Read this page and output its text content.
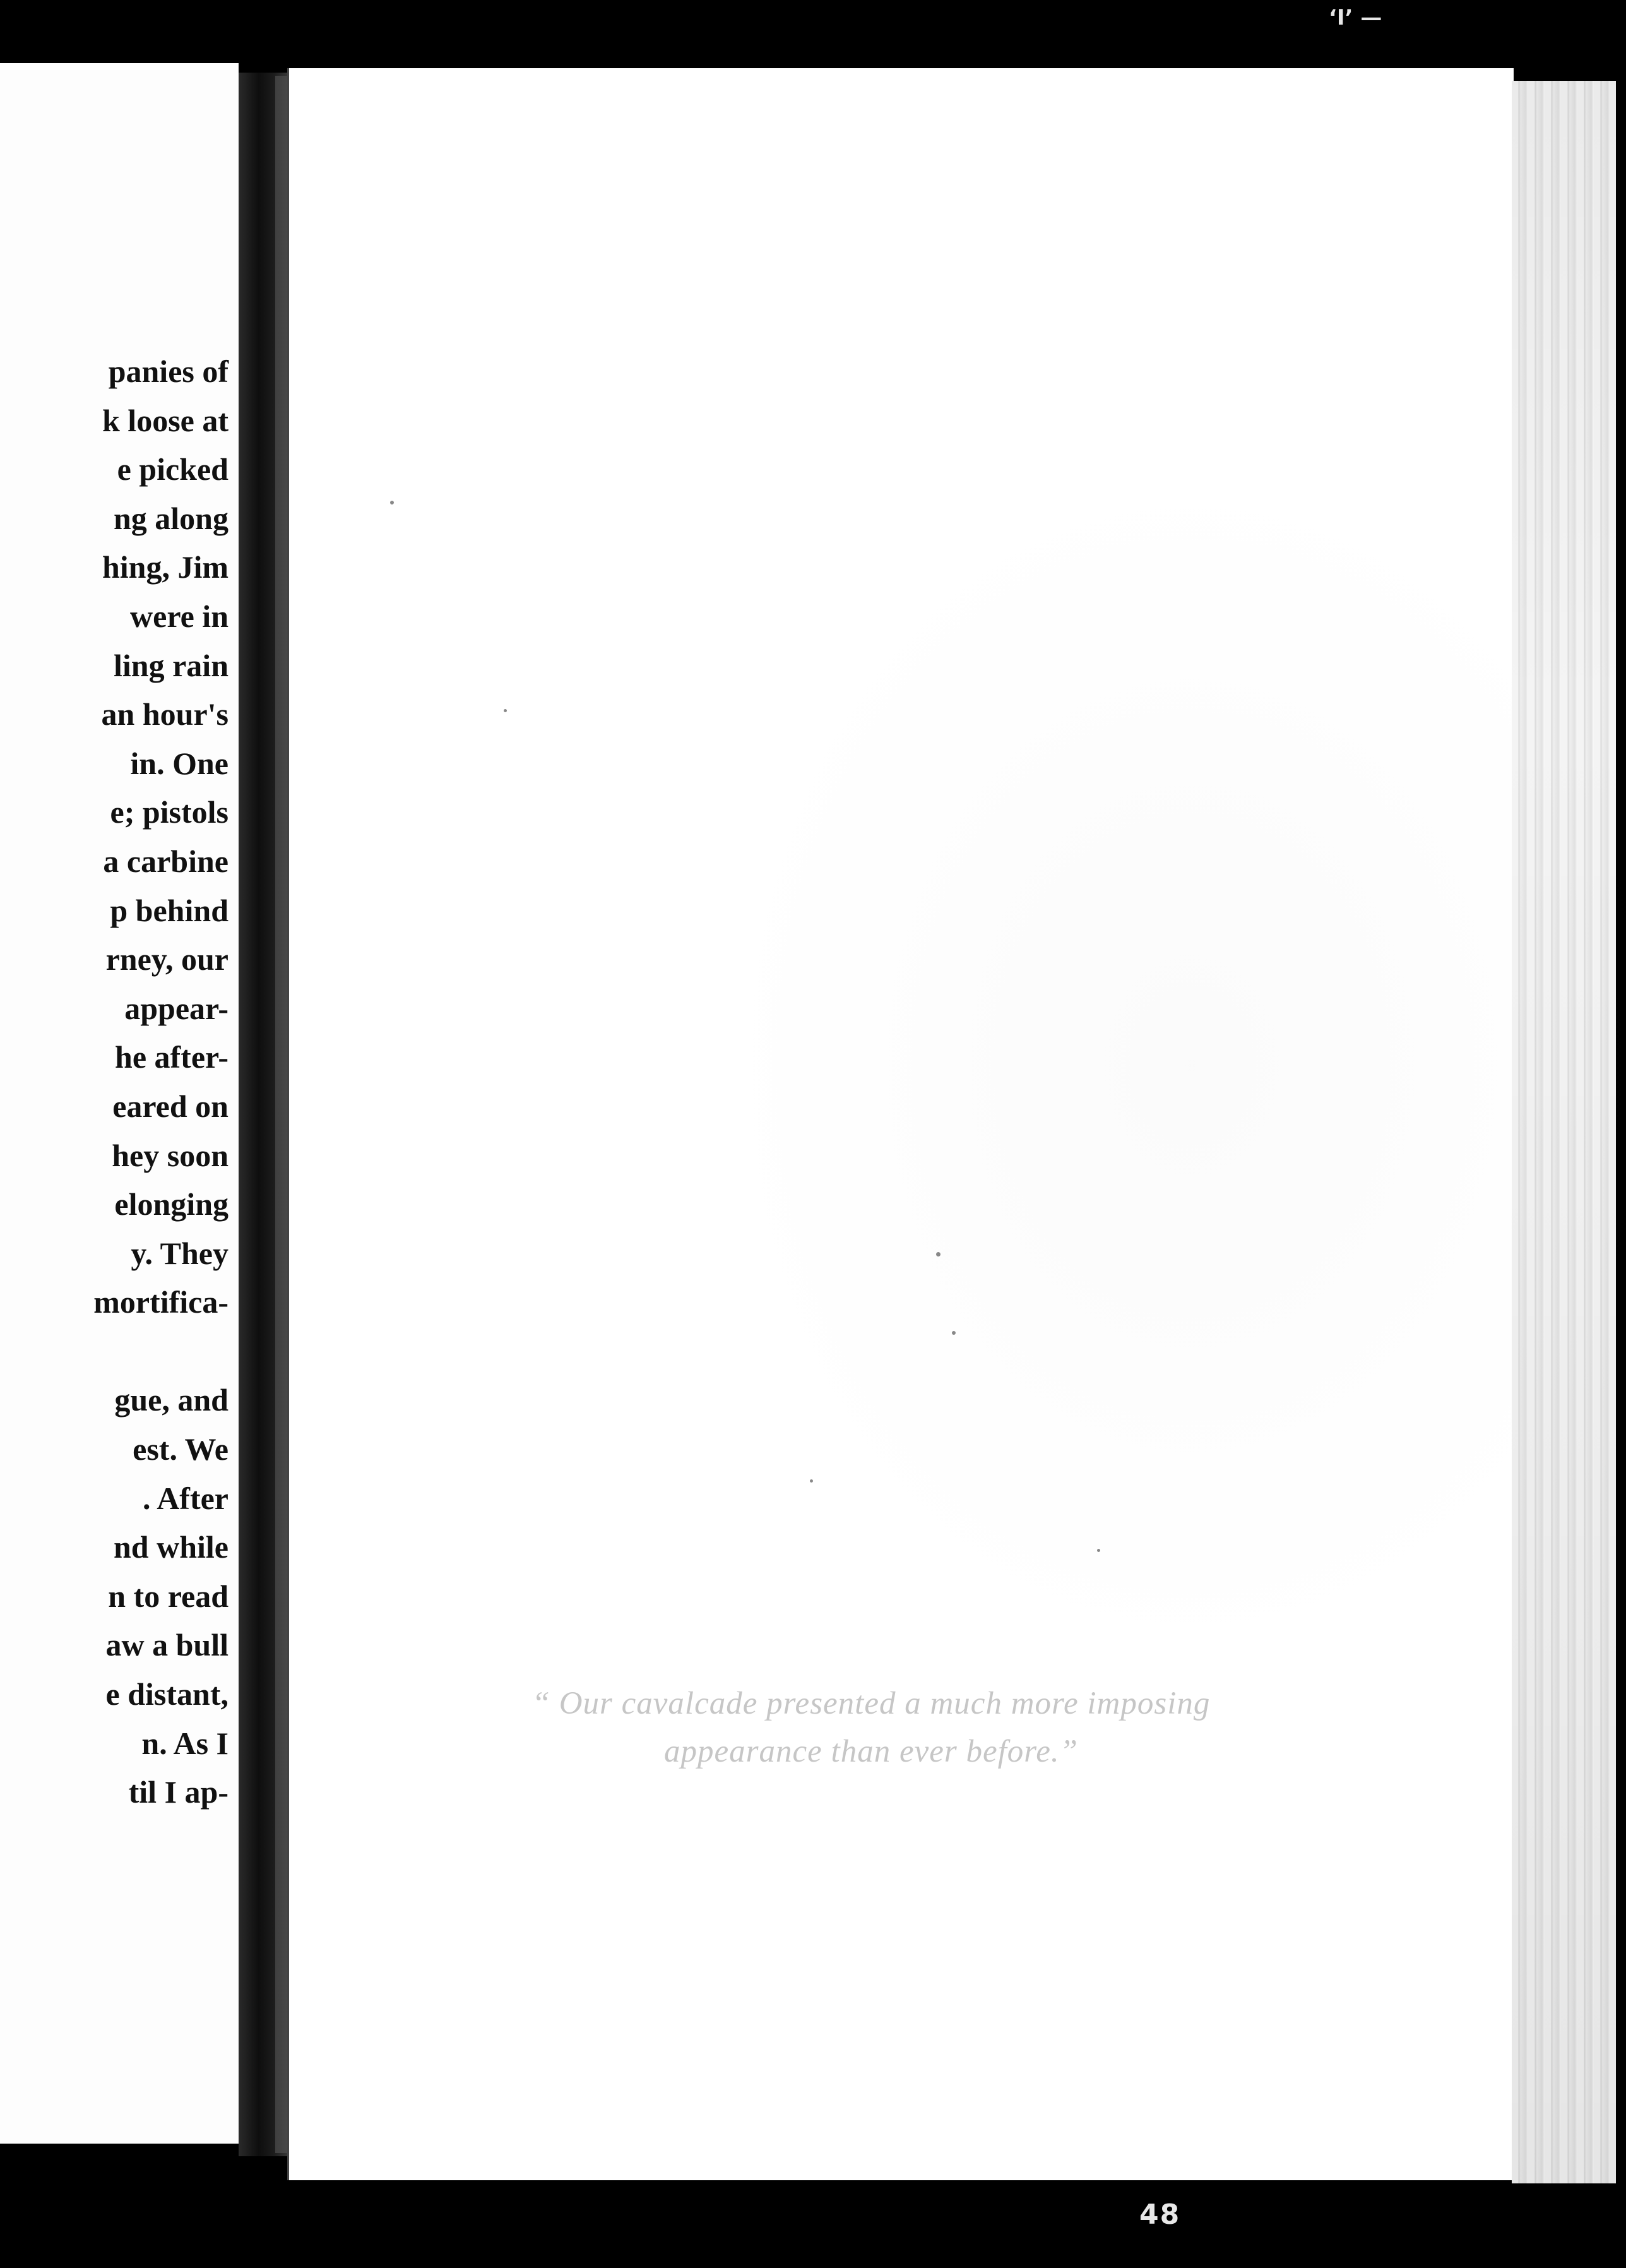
panies of
k loose at
e picked
ng along
hing, Jim
were in
ling rain
an hour's
in. One
e; pistols
a carbine
p behind
rney, our
appear-
he after-
eared on
hey soon
elonging
y. They
mortifica-
gue, and
est. We
. After
nd while
n to read
aw a bull
e distant,
n. As I
til I ap-
“ Our cavalcade presented a much more imposing
appearance than ever before.”
48
‘I’ —
